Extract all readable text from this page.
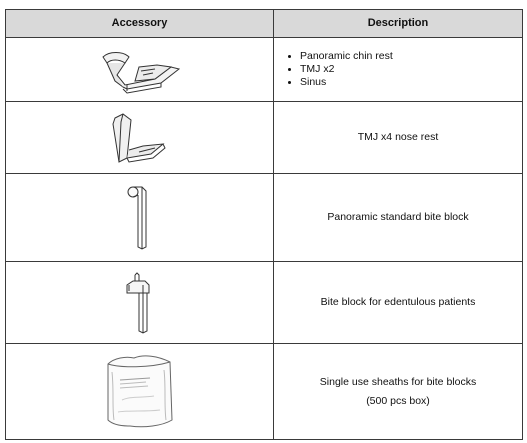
Accessory	Description
Panoramic chin rest
TMJ x2
Sinus
TMJ x4 nose rest
Panoramic standard bite block
Bite block for edentulous patients
Single use sheaths for bite blocks
(500 pcs box)
